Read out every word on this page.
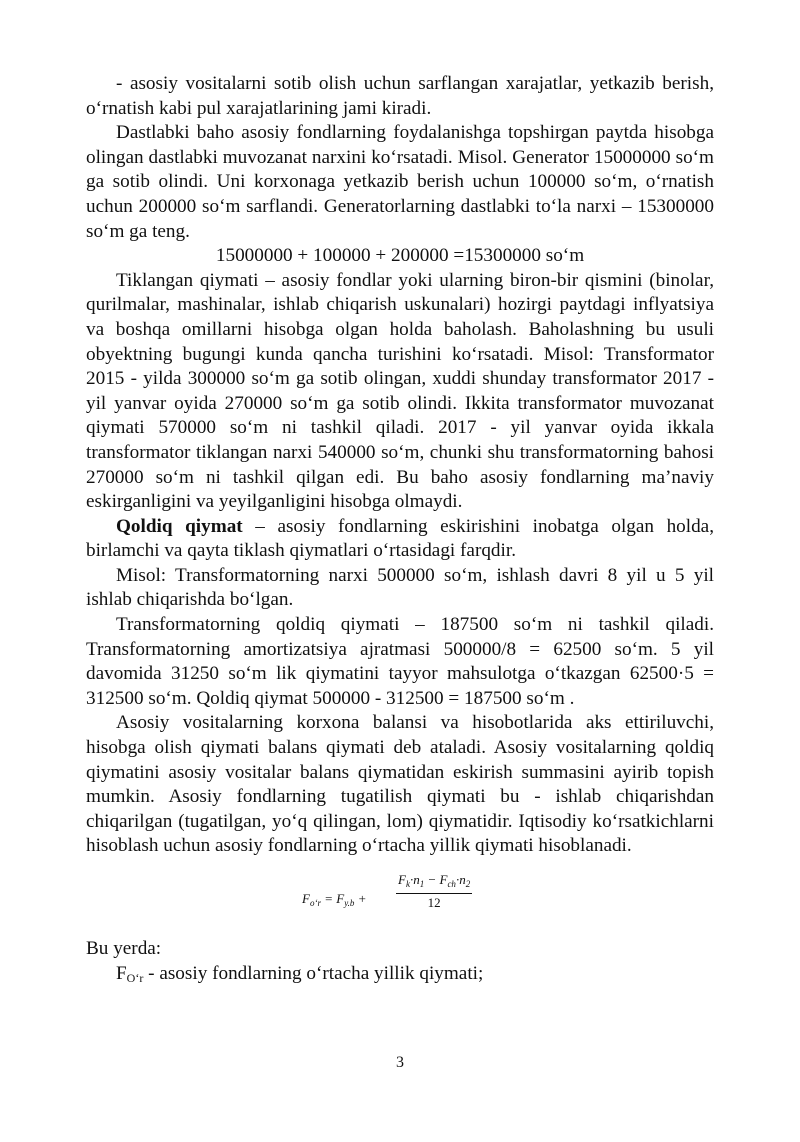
- asosiy vositalarni sotib olish uchun sarflangan xarajatlar, yetkazib berish, o‘rnatish kabi pul xarajatlarining jami kiradi.

Dastlabki baho asosiy fondlarning foydalanishga topshirgan paytda hisobga olingan dastlabki muvozanat narxini ko‘rsatadi. Misol. Generator 15000000 so‘m ga sotib olindi. Uni korxonaga yetkazib berish uchun 100000 so‘m, o‘rnatish uchun 200000 so‘m sarflandi. Generatorlarning dastlabki to‘la narxi – 15300000 so‘m ga teng.

15000000 + 100000 + 200000 =15300000 so‘m

Tiklangan qiymati – asosiy fondlar yoki ularning biron-bir qismini (binolar, qurilmalar, mashinalar, ishlab chiqarish uskunalari) hozirgi paytdagi inflyatsiya va boshqa omillarni hisobga olgan holda baholash. Baholashning bu usuli obyektning bugungi kunda qancha turishini ko‘rsatadi. Misol: Transformator 2015 - yilda 300000 so‘m ga sotib olingan, xuddi shunday transformator 2017 - yil yanvar oyida 270000 so‘m ga sotib olindi. Ikkita transformator muvozanat qiymati 570000 so‘m ni tashkil qiladi. 2017 - yil yanvar oyida ikkala transformator tiklangan narxi 540000 so‘m, chunki shu transformatorning bahosi 270000 so‘m ni tashkil qilgan edi. Bu baho asosiy fondlarning ma’naviy eskirganligini va yeyilganligini hisobga olmaydi.

Qoldiq qiymat – asosiy fondlarning eskirishini inobatga olgan holda, birlamchi va qayta tiklash qiymatlari o‘rtasidagi farqdir.

Misol: Transformatorning narxi 500000 so‘m, ishlash davri 8 yil u 5 yil ishlab chiqarishda bo‘lgan.

Transformatorning qoldiq qiymati – 187500 so‘m ni tashkil qiladi. Transformatorning amortizatsiya ajratmasi 500000/8 = 62500 so‘m. 5 yil davomida 31250 so‘m lik qiymatini tayyor mahsulotga o‘tkazgan 62500·5 = 312500 so‘m. Qoldiq qiymat 500000 - 312500 = 187500 so‘m .

Asosiy vositalarning korxona balansi va hisobotlarida aks ettiriluvchi, hisobga olish qiymati balans qiymati deb ataladi. Asosiy vositalarning qoldiq qiymatini asosiy vositalar balans qiymatidan eskirish summasini ayirib topish mumkin. Asosiy fondlarning tugatilish qiymati bu - ishlab chiqarishdan chiqarilgan (tugatilgan, yo‘q qilingan, lom) qiymatidir. Iqtisodiy ko‘rsatkichlarni hisoblash uchun asosiy fondlarning o‘rtacha yillik qiymati hisoblanadi.

$F_{o‘r} = F_{y.b}$ +
$F_k\cdot n_1 - F_{ch}\cdot n_2$
12

Bu yerda:

$F_{O‘r}$ - asosiy fondlarning o‘rtacha yillik qiymati;

3
